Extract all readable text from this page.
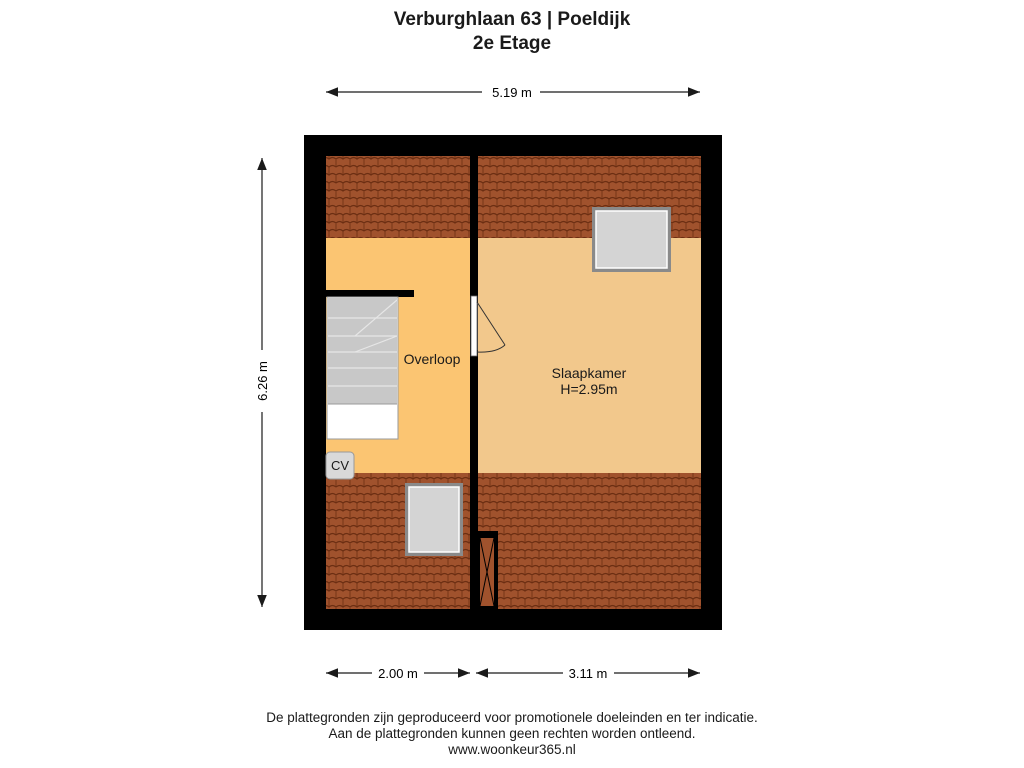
Verburghlaan 63 | Poeldijk
2e Etage
5.19 m
6.26 m
CV
Overloop
Slaapkamer
H=2.95m
2.00 m	3.11 m
De plattegronden zijn geproduceerd voor promotionele doeleinden en ter indicatie.
Aan de plattegronden kunnen geen rechten worden ontleend.
www.woonkeur365.nl
